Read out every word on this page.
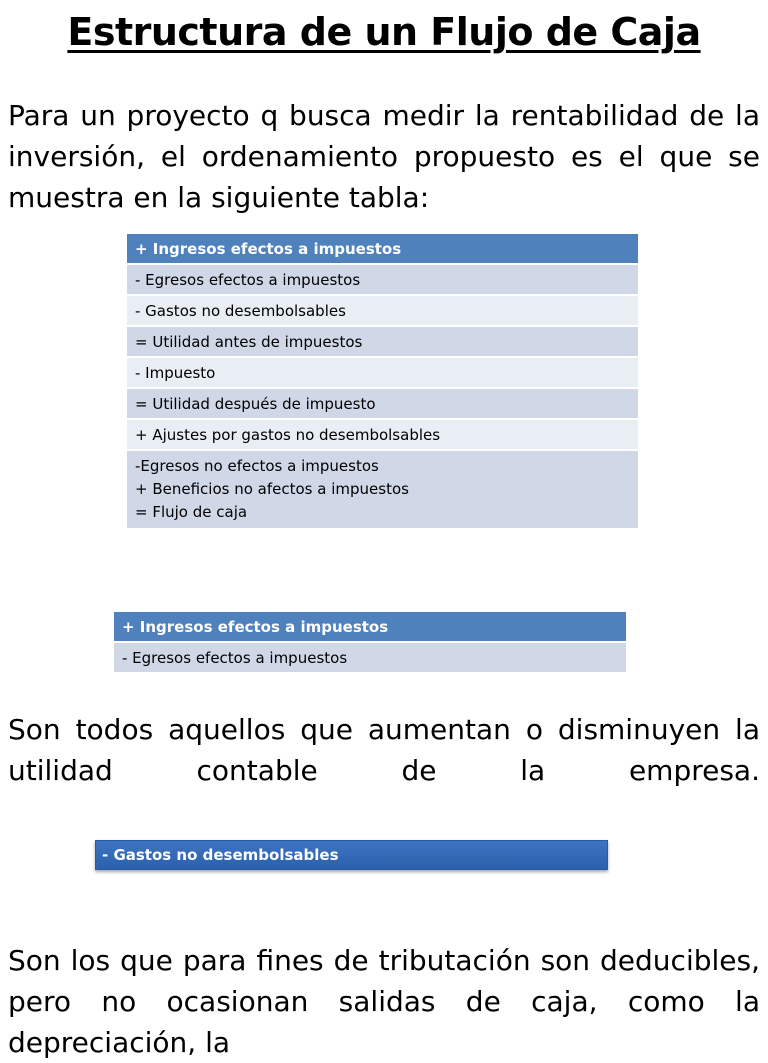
Estructura de un Flujo de Caja

Para un proyecto q busca medir la rentabilidad de la inversión, el ordenamiento propuesto es el que se muestra en la siguiente tabla:

+ Ingresos efectos a impuestos
- Egresos efectos a impuestos
- Gastos no desembolsables
= Utilidad antes de impuestos
- Impuesto
= Utilidad después de impuesto
+ Ajustes por gastos no desembolsables

-Egresos no efectos a impuestos
+ Beneficios no afectos a impuestos
= Flujo de caja
+ Ingresos efectos a impuestos
- Egresos efectos a impuestos

Son todos aquellos que aumentan o disminuyen la utilidad contable de la empresa.

- Gastos no desembolsables

Son los que para fines de tributación son deducibles, pero no ocasionan salidas de caja, como la depreciación, la
